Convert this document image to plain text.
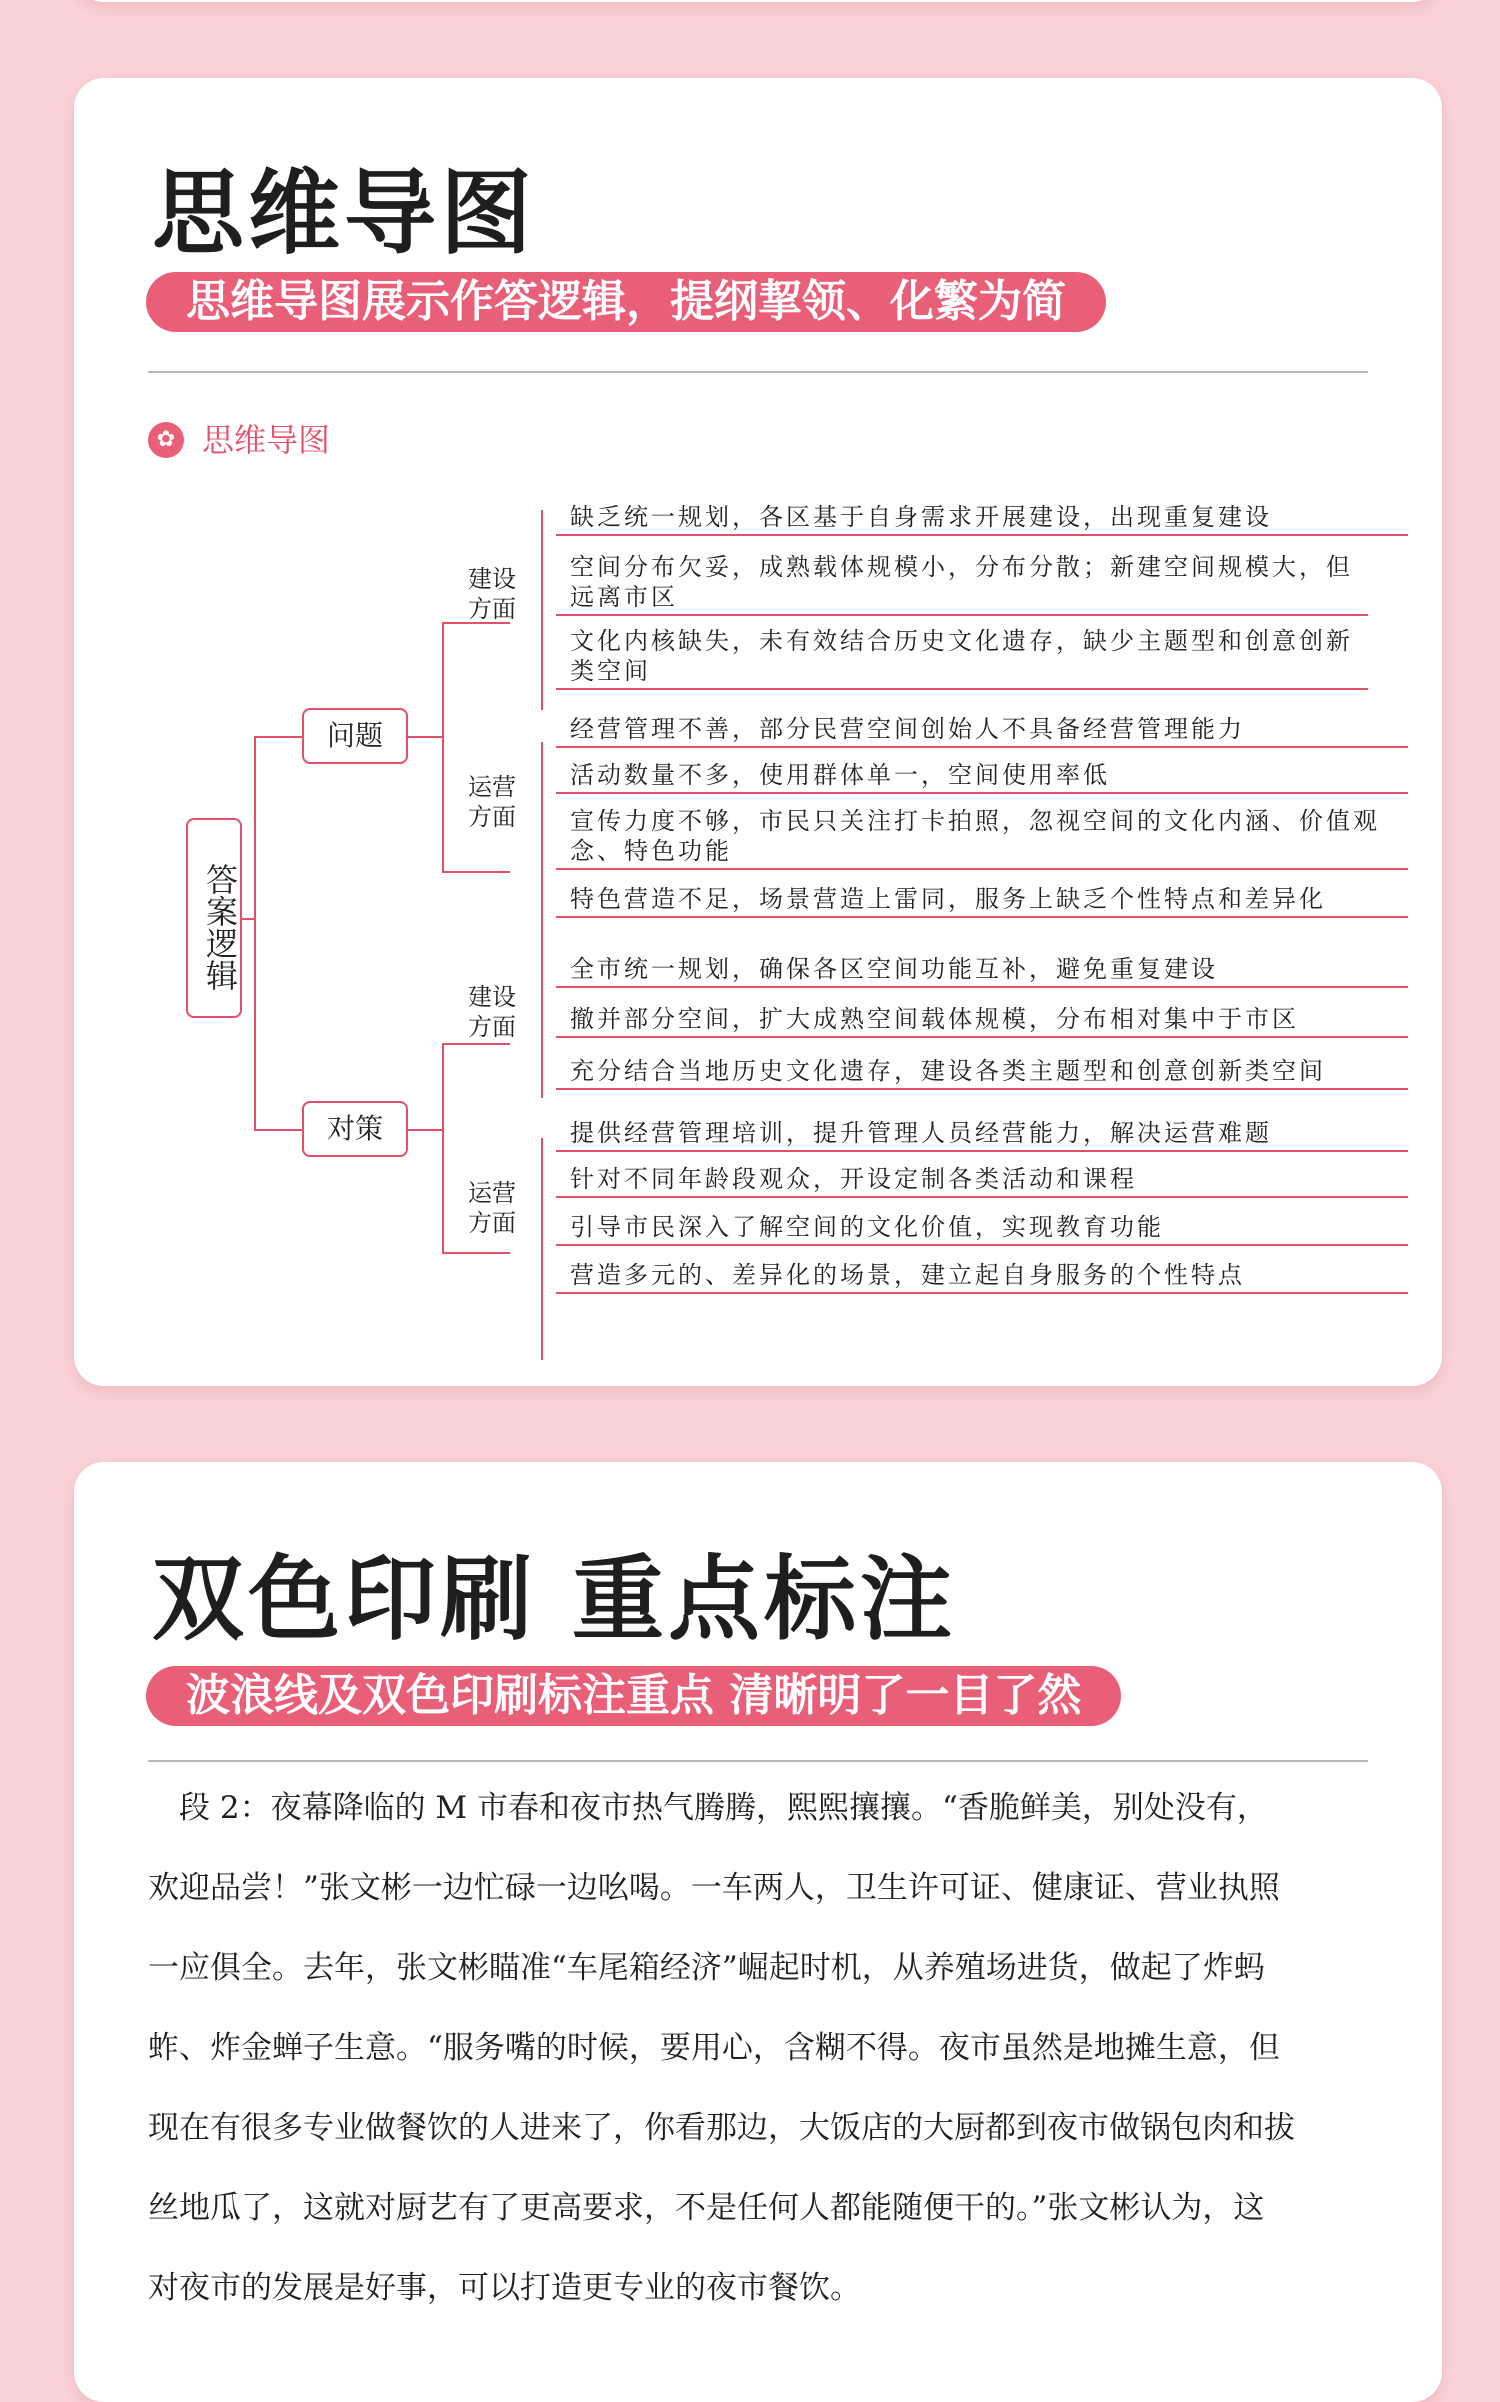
思维导图
思维导图展示作答逻辑，提纲挈领、化繁为简
✿ 思维导图
答案逻辑
问题
对策
建设方面
运营方面
建设方面
运营方面
缺乏统一规划，各区基于自身需求开展建设，出现重复建设
空间分布欠妥，成熟载体规模小，分布分散；新建空间规模大，但远离市区
文化内核缺失，未有效结合历史文化遗存，缺少主题型和创意创新类空间
经营管理不善，部分民营空间创始人不具备经营管理能力
活动数量不多，使用群体单一，空间使用率低
宣传力度不够，市民只关注打卡拍照，忽视空间的文化内涵、价值观念、特色功能
特色营造不足，场景营造上雷同，服务上缺乏个性特点和差异化
全市统一规划，确保各区空间功能互补，避免重复建设
撤并部分空间，扩大成熟空间载体规模，分布相对集中于市区
充分结合当地历史文化遗存，建设各类主题型和创意创新类空间
提供经营管理培训，提升管理人员经营能力，解决运营难题
针对不同年龄段观众，开设定制各类活动和课程
引导市民深入了解空间的文化价值，实现教育功能
营造多元的、差异化的场景，建立起自身服务的个性特点
双色印刷 重点标注
波浪线及双色印刷标注重点 清晰明了一目了然
　段 2：夜幕降临的 M 市春和夜市热气腾腾，熙熙攘攘。“香脆鲜美，别处没有，
欢迎品尝！”张文彬一边忙碌一边吆喝。一车两人，卫生许可证、健康证、营业执照
一应俱全。去年，张文彬瞄准“车尾箱经济”崛起时机，从养殖场进货，做起了炸蚂
蚱、炸金蝉子生意。“服务嘴的时候，要用心，含糊不得。夜市虽然是地摊生意，但
现在有很多专业做餐饮的人进来了，你看那边，大饭店的大厨都到夜市做锅包肉和拔
丝地瓜了，这就对厨艺有了更高要求，不是任何人都能随便干的。”张文彬认为，这
对夜市的发展是好事，可以打造更专业的夜市餐饮。
